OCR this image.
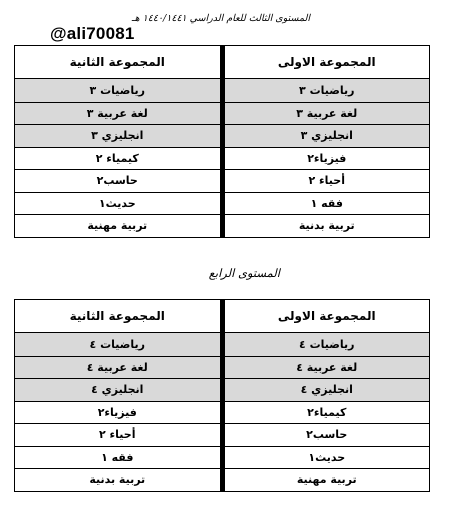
المستوى الثالث للعام الدراسي ١٤٤٠/١٤٤١ هـ
@ali70081
المجموعة الاولى
المجموعة الثانية
رياضيات ٣
رياضيات ٣
لغة عربية ٣
لغة عربية ٣
انجليزي ٣
انجليزي ٣
فيزياء٢
كيمياء ٢
أحياء ٢
حاسب٢
فقه ١
حديث١
تربية بدنية
تربية مهنية
المستوى الرابع
المجموعة الاولى
المجموعة الثانية
رياضيات ٤
رياضيات ٤
لغة عربية ٤
لغة عربية ٤
انجليزي ٤
انجليزي ٤
كيمياء٢
فيزياء٢
حاسب٢
أحياء ٢
حديث١
فقه ١
تربية مهنية
تربية بدنية
